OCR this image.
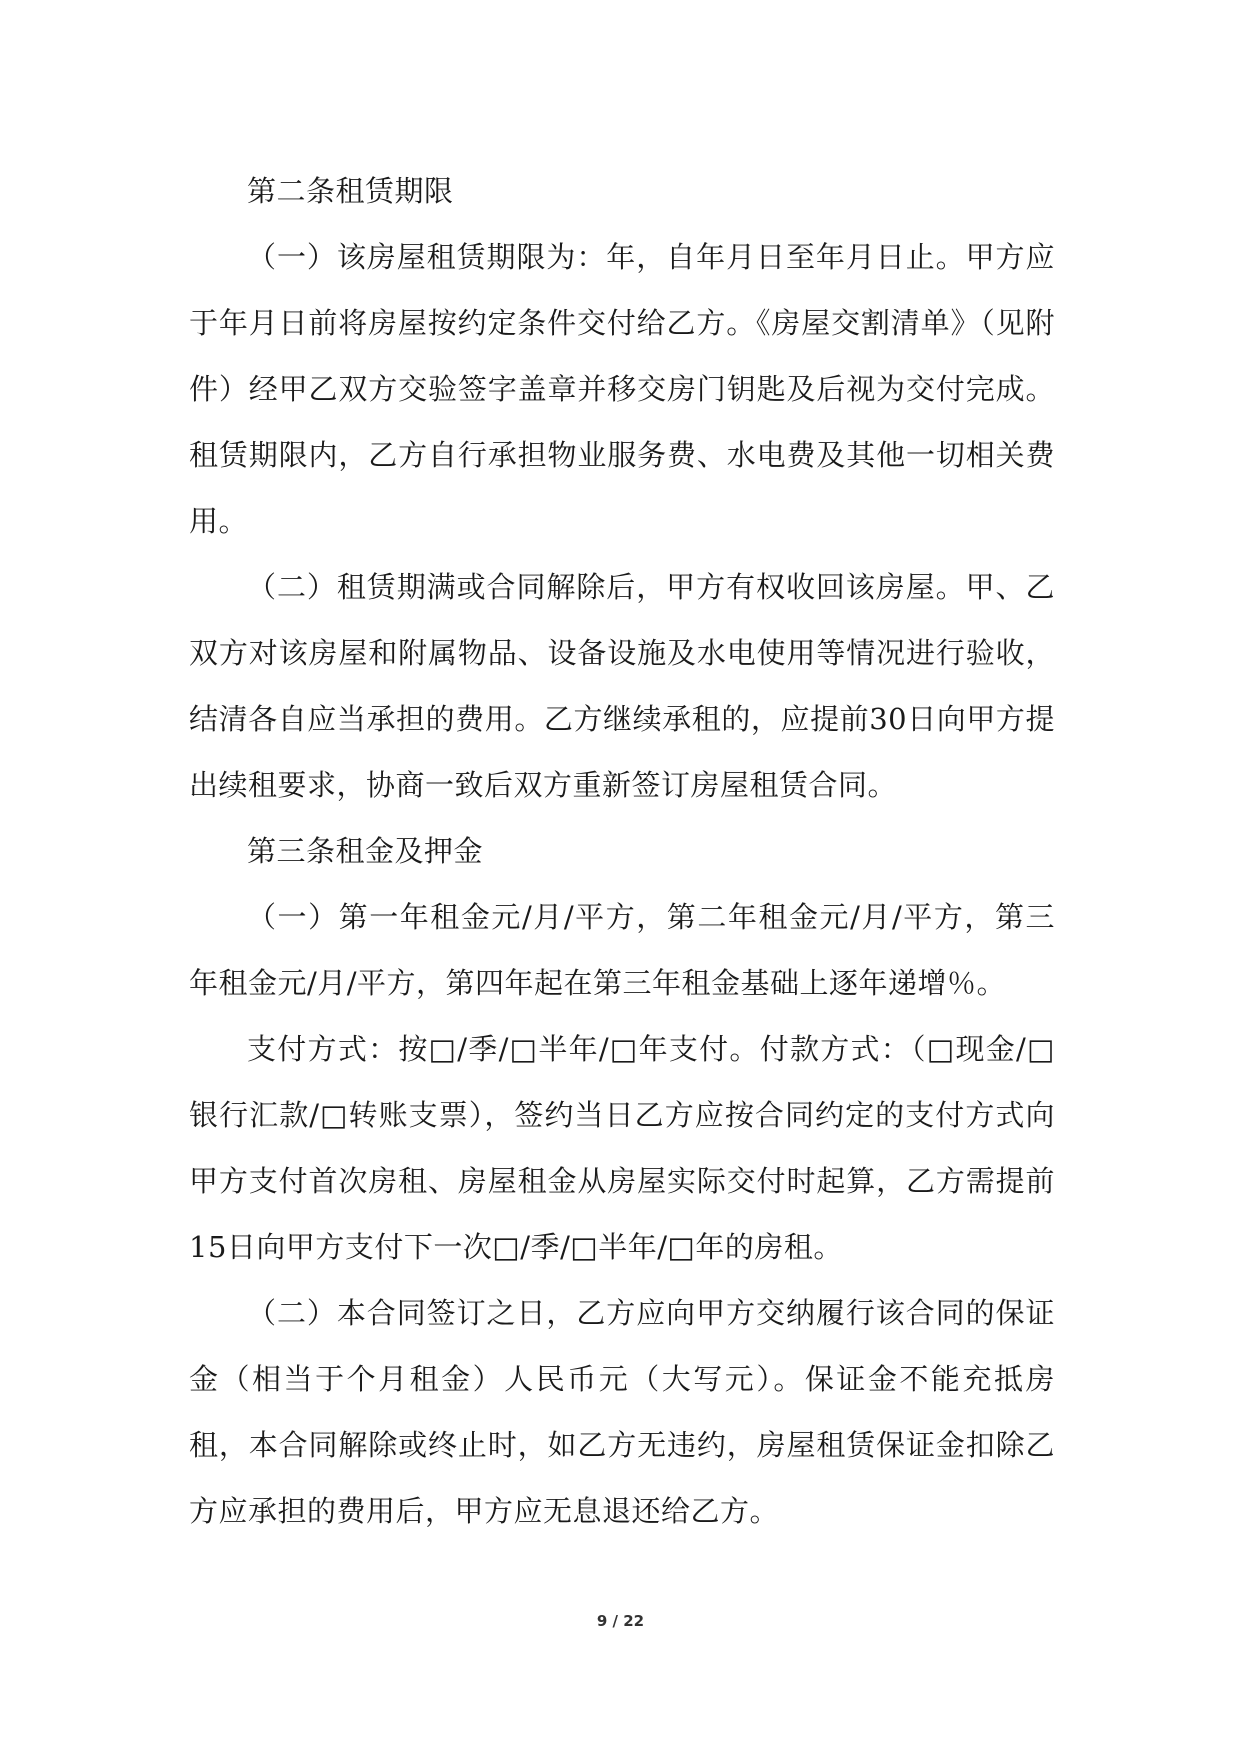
第二条租赁期限

（一）该房屋租赁期限为：年，自年月日至年月日止。甲方应于年月日前将房屋按约定条件交付给乙方。《房屋交割清单》（见附件）经甲乙双方交验签字盖章并移交房门钥匙及后视为交付完成。租赁期限内，乙方自行承担物业服务费、水电费及其他一切相关费用。

（二）租赁期满或合同解除后，甲方有权收回该房屋。甲、乙双方对该房屋和附属物品、设备设施及水电使用等情况进行验收，结清各自应当承担的费用。乙方继续承租的，应提前30日向甲方提出续租要求，协商一致后双方重新签订房屋租赁合同。

第三条租金及押金

（一）第一年租金元/月/平方，第二年租金元/月/平方，第三年租金元/月/平方，第四年起在第三年租金基础上逐年递增％。

支付方式：按□/季/□半年/□年支付。付款方式：（□现金/□银行汇款/□转账支票），签约当日乙方应按合同约定的支付方式向甲方支付首次房租、房屋租金从房屋实际交付时起算，乙方需提前15日向甲方支付下一次□/季/□半年/□年的房租。

（二）本合同签订之日，乙方应向甲方交纳履行该合同的保证金（相当于个月租金）人民币元（大写元）。保证金不能充抵房租，本合同解除或终止时，如乙方无违约，房屋租赁保证金扣除乙方应承担的费用后，甲方应无息退还给乙方。

9 / 22
